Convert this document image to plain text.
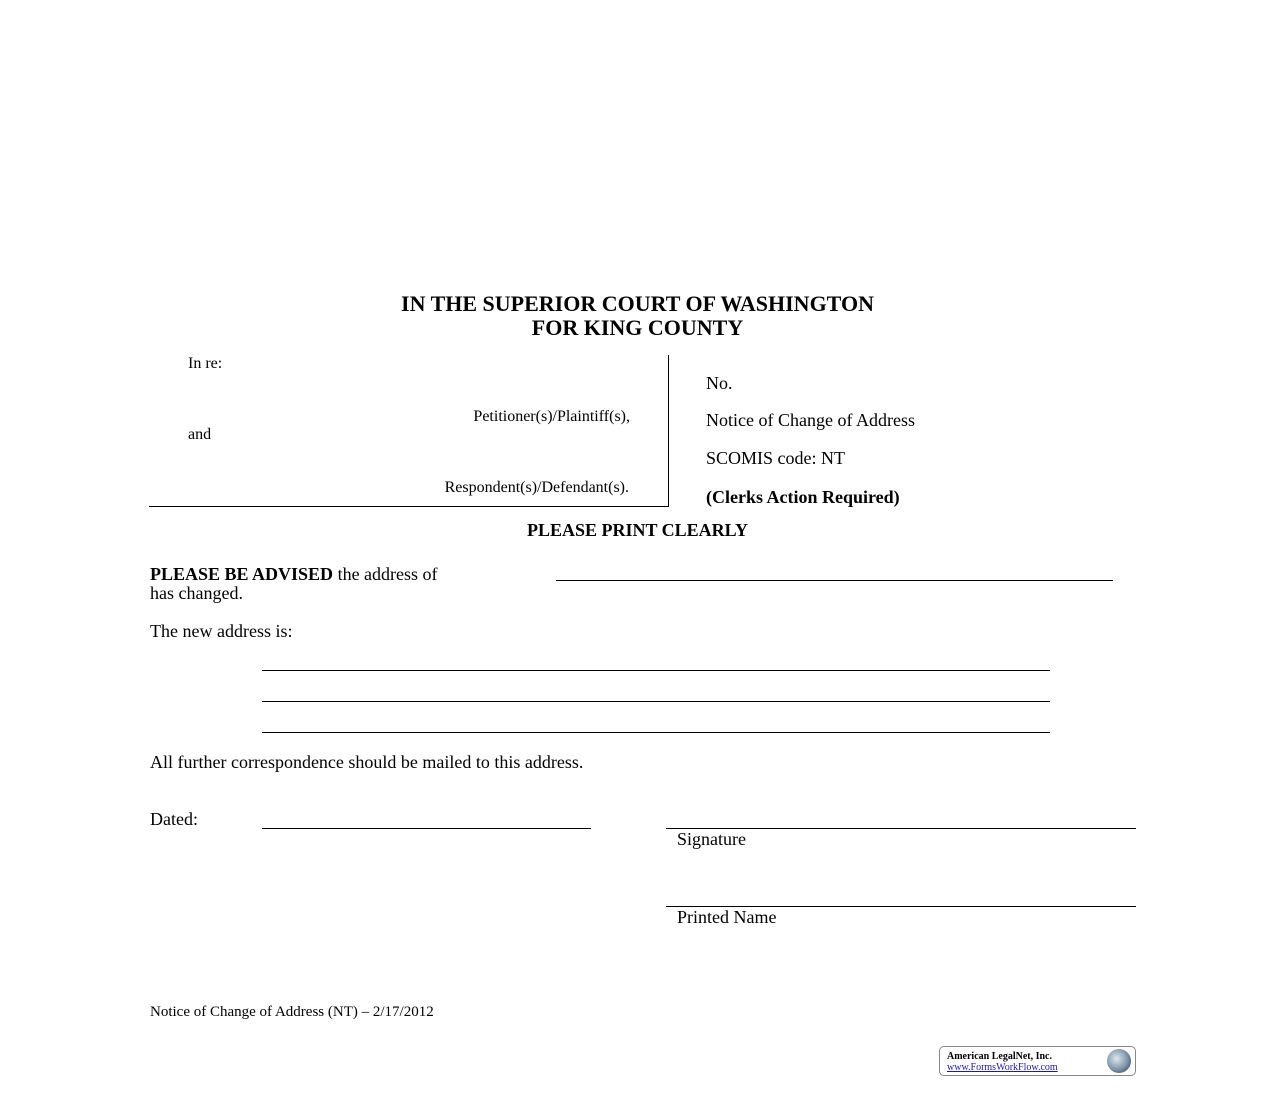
IN THE SUPERIOR COURT OF WASHINGTON
FOR KING COUNTY
In re:
Petitioner(s)/Plaintiff(s),
and
Respondent(s)/Defendant(s).
No.
Notice of Change of Address
SCOMIS code: NT
(Clerks Action Required)
PLEASE PRINT CLEARLY
PLEASE BE ADVISED the address of
has changed.
The new address is:
All further correspondence should be mailed to this address.
Dated:
Signature
Printed Name
Notice of Change of Address (NT) – 2/17/2012
American LegalNet, Inc.
www.FormsWorkFlow.com
